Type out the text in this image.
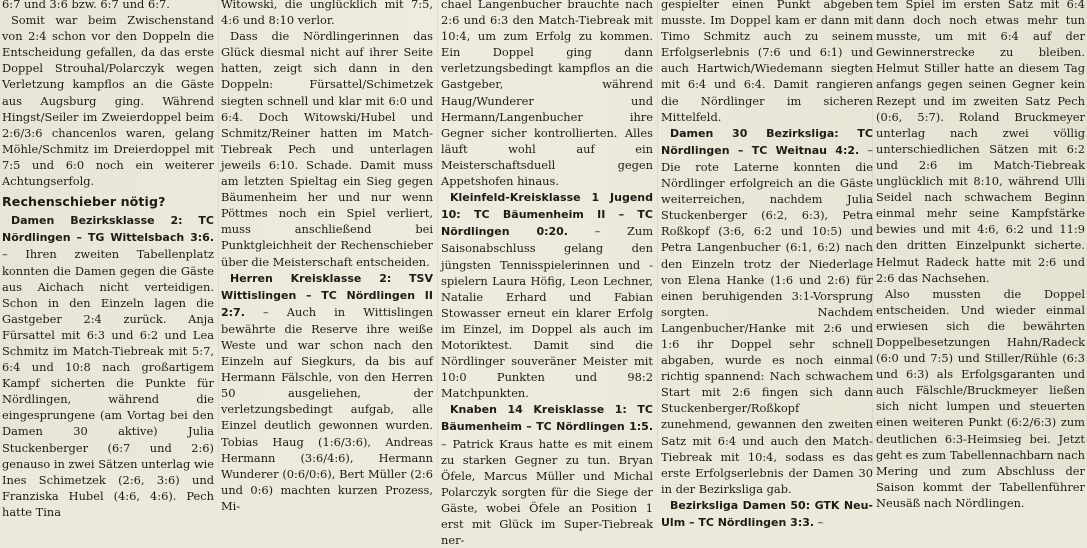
6:7 und 3:6 bzw. 6:7 und 6:7.

Somit war beim Zwischenstand von 2:4 schon vor den Doppeln die Entscheidung gefallen, da das erste Doppel Strouhal/Polarczyk wegen Verletzung kampflos an die Gäste aus Augsburg ging. Während Hingst/Seiler im Zweierdoppel beim 2:6/3:6 chancenlos waren, gelang Möhle/Schmitz im Dreierdoppel mit 7:5 und 6:0 noch ein weiterer Achtungserfolg.

Rechenschieber nötig?

Damen Bezirksklasse 2: TC Nördlingen – TG Wittelsbach 3:6. – Ihren zweiten Tabellenplatz konnten die Damen gegen die Gäste aus Aichach nicht verteidigen. Schon in den Einzeln lagen die Gastgeber 2:4 zurück. Anja Fürsattel mit 6:3 und 6:2 und Lea Schmitz im Match-Tiebreak mit 5:7, 6:4 und 10:8 nach großartigem Kampf sicherten die Punkte für Nördlingen, während die eingesprungene (am Vortag bei den Damen 30 aktive) Julia Stuckenberger (6:7 und 2:6) genauso in zwei Sätzen unterlag wie Ines Schimetzek (2:6, 3:6) und Franziska Hubel (4:6, 4:6). Pech hatte Tina

Witowski, die unglücklich mit 7:5, 4:6 und 8:10 verlor.

Dass die Nördlingerinnen das Glück diesmal nicht auf ihrer Seite hatten, zeigt sich dann in den Doppeln: Fürsattel/Schimetzek siegten schnell und klar mit 6:0 und 6:4. Doch Witowski/Hubel und Schmitz/Reiner hatten im Match-Tiebreak Pech und unterlagen jeweils 6:10. Schade. Damit muss am letzten Spieltag ein Sieg gegen Bäumenheim her und nur wenn Pöttmes noch ein Spiel verliert, muss anschließend bei Punktgleichheit der Rechenschieber über die Meisterschaft entscheiden.

Herren Kreisklasse 2: TSV Wittislingen – TC Nördlingen II 2:7. – Auch in Wittislingen bewährte die Reserve ihre weiße Weste und war schon nach den Einzeln auf Siegkurs, da bis auf Hermann Fälschle, von den Herren 50 ausgeliehen, der verletzungsbedingt aufgab, alle Einzel deutlich gewonnen wurden. Tobias Haug (1:6/3:6), Andreas Hermann (3:6/4:6), Hermann Wunderer (0:6/0:6), Bert Müller (2:6 und 0:6) machten kurzen Prozess, Mi-

chael Langenbucher brauchte nach 2:6 und 6:3 den Match-Tiebreak mit 10:4, um zum Erfolg zu kommen. Ein Doppel ging dann verletzungsbedingt kampflos an die Gastgeber, während Haug/Wunderer und Hermann/Langenbucher ihre Gegner sicher kontrollierten. Alles läuft wohl auf ein Meisterschaftsduell gegen Appetshofen hinaus.

Kleinfeld-Kreisklasse 1 Jugend 10: TC Bäumenheim II – TC Nördlingen 0:20. – Zum Saisonabschluss gelang den jüngsten Tennisspielerinnen und -spielern Laura Höfig, Leon Lechner, Natalie Erhard und Fabian Stowasser erneut ein klarer Erfolg im Einzel, im Doppel als auch im Motoriktest. Damit sind die Nördlinger souveräner Meister mit 10:0 Punkten und 98:2 Matchpunkten.

Knaben 14 Kreisklasse 1: TC Bäumenheim – TC Nördlingen 1:5. – Patrick Kraus hatte es mit einem zu starken Gegner zu tun. Bryan Öfele, Marcus Müller und Michal Polarczyk sorgten für die Siege der Gäste, wobei Öfele an Position 1 erst mit Glück im Super-Tiebreak ner-

gespielter einen Punkt abgeben musste. Im Doppel kam er dann mit Timo Schmitz auch zu seinem Erfolgserlebnis (7:6 und 6:1) und auch Hartwich/Wiedemann siegten mit 6:4 und 6:4. Damit rangieren die Nördlinger im sicheren Mittelfeld.

Damen 30 Bezirksliga: TC Nördlingen – TC Weitnau 4:2. – Die rote Laterne konnten die Nördlinger erfolgreich an die Gäste weiterreichen, nachdem Julia Stuckenberger (6:2, 6:3), Petra Roßkopf (3:6, 6:2 und 10:5) und Petra Langenbucher (6:1, 6:2) nach den Einzeln trotz der Niederlage von Elena Hanke (1:6 und 2:6) für einen beruhigenden 3:1-Vorsprung sorgten. Nachdem Langenbucher/Hanke mit 2:6 und 1:6 ihr Doppel sehr schnell abgaben, wurde es noch einmal richtig spannend: Nach schwachem Start mit 2:6 fingen sich dann Stuckenberger/Roßkopf zunehmend, gewannen den zweiten Satz mit 6:4 und auch den Match-Tiebreak mit 10:4, sodass es das erste Erfolgserlebnis der Damen 30 in der Bezirksliga gab.

Bezirksliga Damen 50: GTK Neu-Ulm – TC Nördlingen 3:3. –

tem Spiel im ersten Satz mit 6:4 dann doch noch etwas mehr tun musste, um mit 6:4 auf der Gewinnerstrecke zu bleiben. Helmut Stiller hatte an diesem Tag anfangs gegen seinen Gegner kein Rezept und im zweiten Satz Pech (0:6, 5:7). Roland Bruckmeyer unterlag nach zwei völlig unterschiedlichen Sätzen mit 6:2 und 2:6 im Match-Tiebreak unglücklich mit 8:10, während Ulli Seidel nach schwachem Beginn einmal mehr seine Kampfstärke bewies und mit 4:6, 6:2 und 11:9 den dritten Einzelpunkt sicherte. Helmut Radeck hatte mit 2:6 und 2:6 das Nachsehen.

Also mussten die Doppel entscheiden. Und wieder einmal erwiesen sich die bewährten Doppelbesetzungen Hahn/Radeck (6:0 und 7:5) und Stiller/Rühle (6:3 und 6:3) als Erfolgsgaranten und auch Fälschle/Bruckmeyer ließen sich nicht lumpen und steuerten einen weiteren Punkt (6:2/6:3) zum deutlichen 6:3-Heimsieg bei. Jetzt geht es zum Tabellennachbarn nach Mering und zum Abschluss der Saison kommt der Tabellenführer Neusäß nach Nördlingen.
